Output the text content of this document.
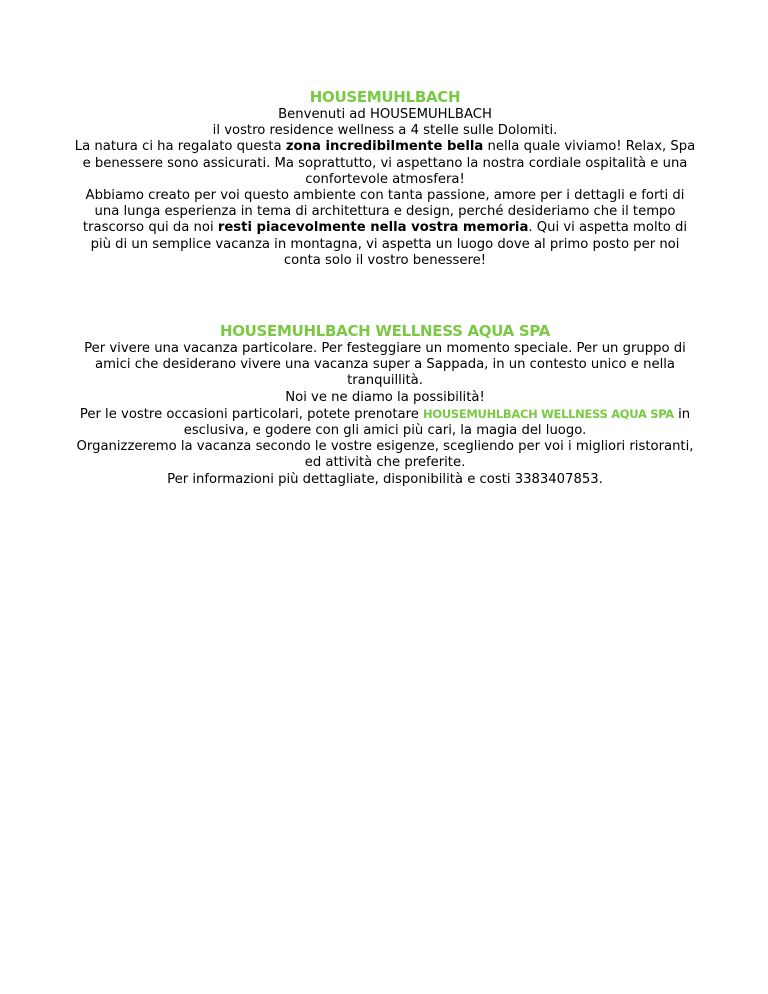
HOUSEMUHLBACH

Benvenuti ad HOUSEMUHLBACH

il vostro residence wellness a 4 stelle sulle Dolomiti.

La natura ci ha regalato questa zona incredibilmente bella nella quale viviamo! Relax, Spa e benessere sono assicurati. Ma soprattutto, vi aspettano la nostra cordiale ospitalità e una

confortevole atmosfera!

Abbiamo creato per voi questo ambiente con tanta passione, amore per i dettagli e forti di una lunga esperienza in tema di architettura e design, perché desideriamo che il tempo trascorso qui da noi resti piacevolmente nella vostra memoria. Qui vi aspetta molto di più di un semplice vacanza in montagna, vi aspetta un luogo dove al primo posto per noi conta solo il vostro benessere!

HOUSEMUHLBACH WELLNESS AQUA SPA

Per vivere una vacanza particolare. Per festeggiare un momento speciale. Per un gruppo di amici che desiderano vivere una vacanza super a Sappada, in un contesto unico e nella tranquillità.

Noi ve ne diamo la possibilità!

Per le vostre occasioni particolari, potete prenotare HOUSEMUHLBACH WELLNESS AQUA SPA in esclusiva, e godere con gli amici più cari, la magia del luogo.

Organizzeremo la vacanza secondo le vostre esigenze, scegliendo per voi i migliori ristoranti, ed attività che preferite.

Per informazioni più dettagliate, disponibilità e costi 3383407853.
